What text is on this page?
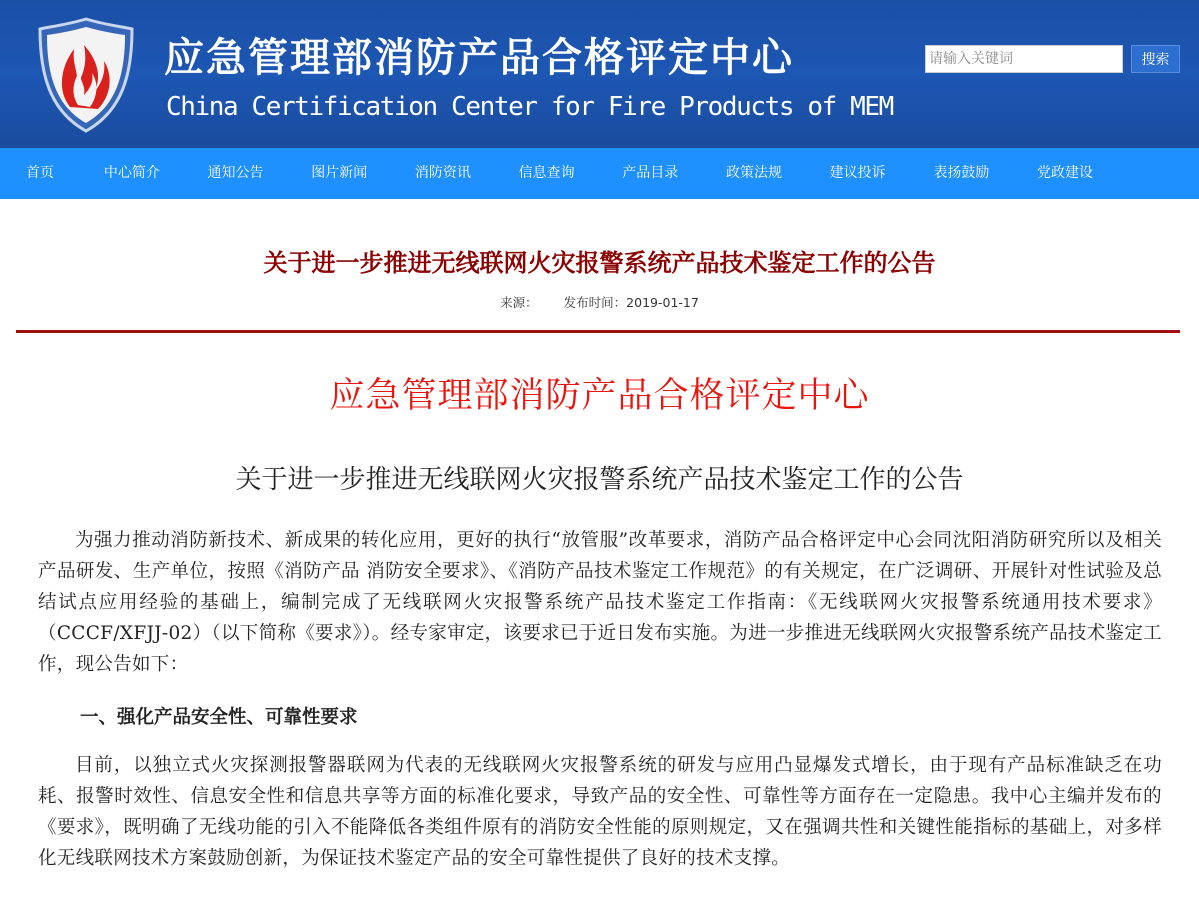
应急管理部消防产品合格评定中心
China Certification Center for Fire Products of MEM
请输入关键词
搜索
首页	中心简介	通知公告	图片新闻	消防资讯	信息查询	产品目录	政策法规	建议投诉	表扬鼓励	党政建设
关于进一步推进无线联网火灾报警系统产品技术鉴定工作的公告
来源： 发布时间：2019-01-17
应急管理部消防产品合格评定中心
关于进一步推进无线联网火灾报警系统产品技术鉴定工作的公告

为强力推动消防新技术、新成果的转化应用，更好的执行“放管服”改革要求，消防产品合格评定中心会同沈阳消防研究所以及相关产品研发、生产单位，按照《消防产品 消防安全要求》、《消防产品技术鉴定工作规范》的有关规定，在广泛调研、开展针对性试验及总结试点应用经验的基础上，编制完成了无线联网火灾报警系统产品技术鉴定工作指南：《无线联网火灾报警系统通用技术要求》（CCCF/XFJJ-02）（以下简称《要求》）。经专家审定，该要求已于近日发布实施。为进一步推进无线联网火灾报警系统产品技术鉴定工作，现公告如下：

一、强化产品安全性、可靠性要求

目前，以独立式火灾探测报警器联网为代表的无线联网火灾报警系统的研发与应用凸显爆发式增长，由于现有产品标准缺乏在功耗、报警时效性、信息安全性和信息共享等方面的标准化要求，导致产品的安全性、可靠性等方面存在一定隐患。我中心主编并发布的《要求》，既明确了无线功能的引入不能降低各类组件原有的消防安全性能的原则规定，又在强调共性和关键性能指标的基础上，对多样化无线联网技术方案鼓励创新，为保证技术鉴定产品的安全可靠性提供了良好的技术支撑。
